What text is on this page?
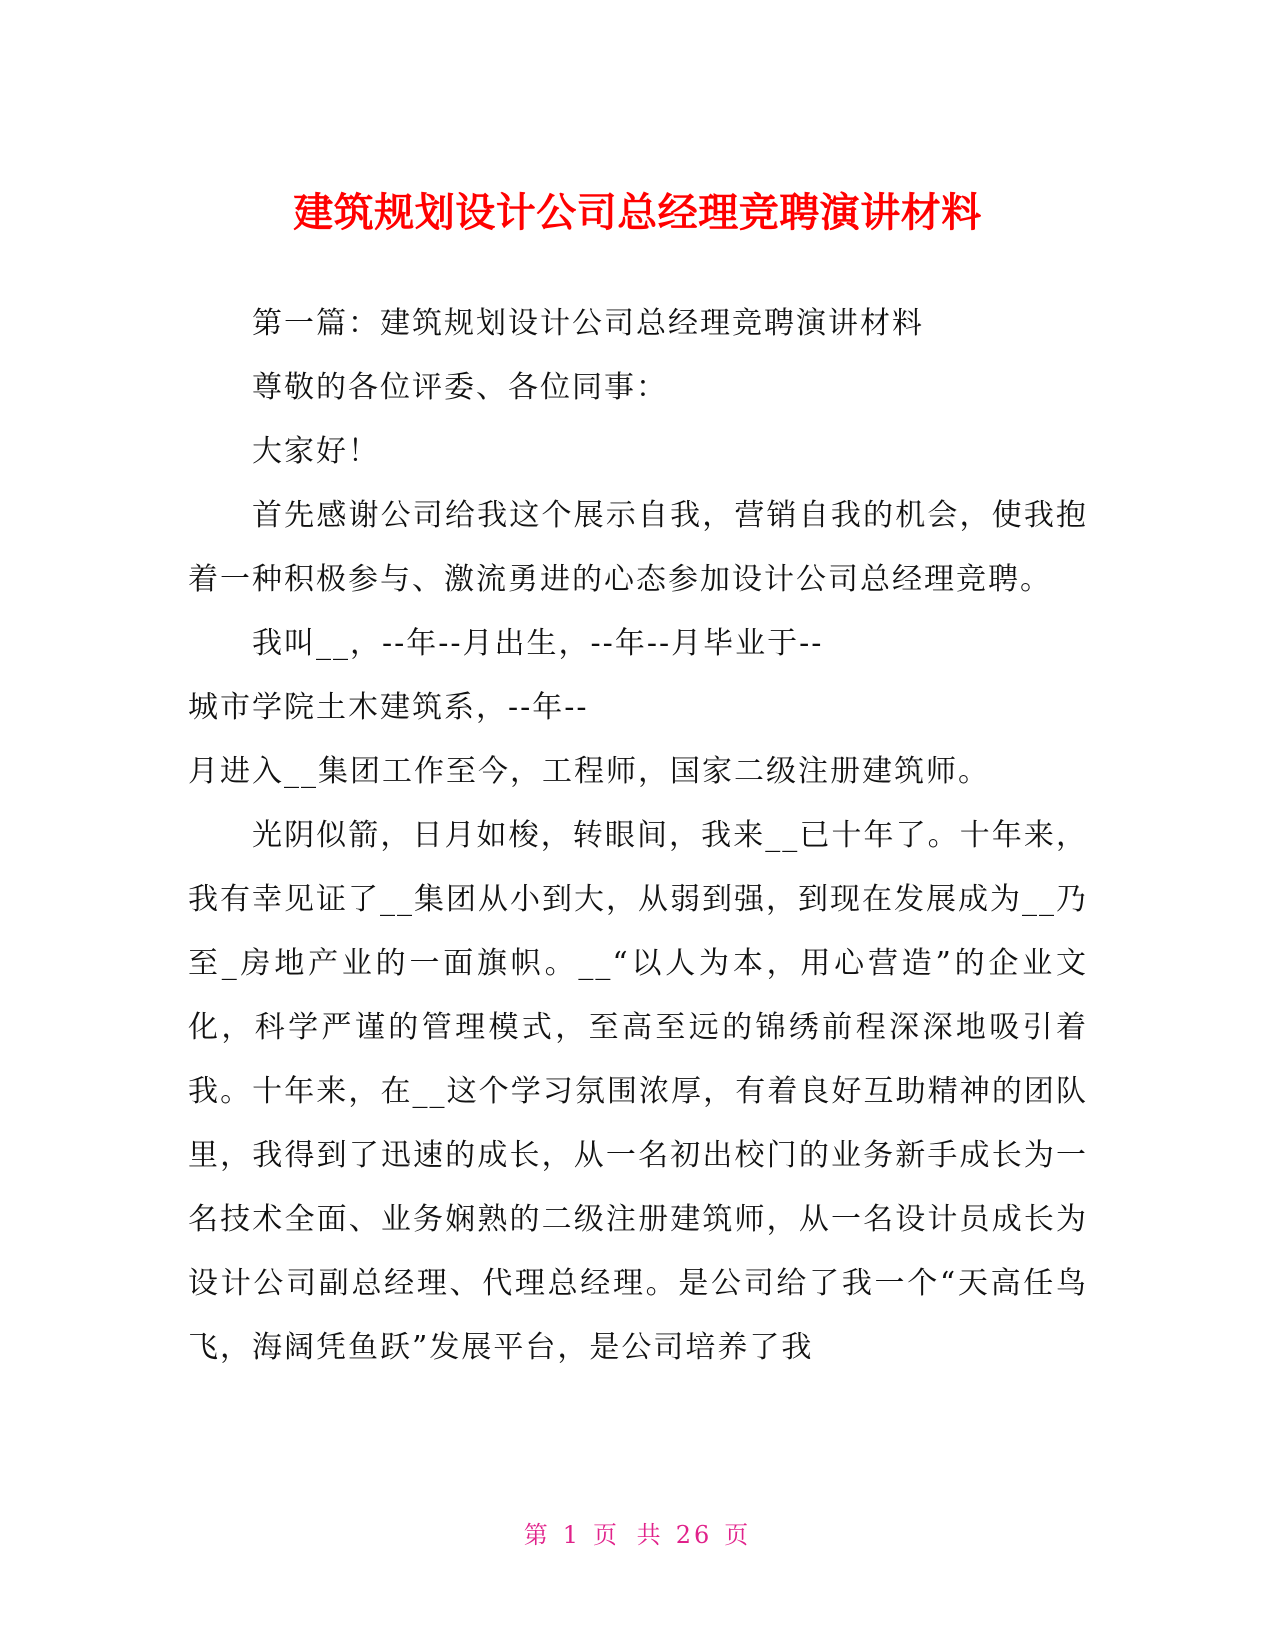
建筑规划设计公司总经理竞聘演讲材料

第一篇：建筑规划设计公司总经理竞聘演讲材料

尊敬的各位评委、各位同事：

大家好！

首先感谢公司给我这个展示自我，营销自我的机会，使我抱着一种积极参与、激流勇进的心态参加设计公司总经理竞聘。

我叫__，--年--月出生，--年--月毕业于--

城市学院土木建筑系，--年--

月进入__集团工作至今，工程师，国家二级注册建筑师。

光阴似箭，日月如梭，转眼间，我来__已十年了。十年来，我有幸见证了__集团从小到大，从弱到强，到现在发展成为__乃至_房地产业的一面旗帜。__“以人为本，用心营造”的企业文化，科学严谨的管理模式，至高至远的锦绣前程深深地吸引着我。十年来，在__这个学习氛围浓厚，有着良好互助精神的团队里，我得到了迅速的成长，从一名初出校门的业务新手成长为一名技术全面、业务娴熟的二级注册建筑师，从一名设计员成长为设计公司副总经理、代理总经理。是公司给了我一个“天高任鸟飞，海阔凭鱼跃”发展平台，是公司培养了我

第 1 页 共 26 页
